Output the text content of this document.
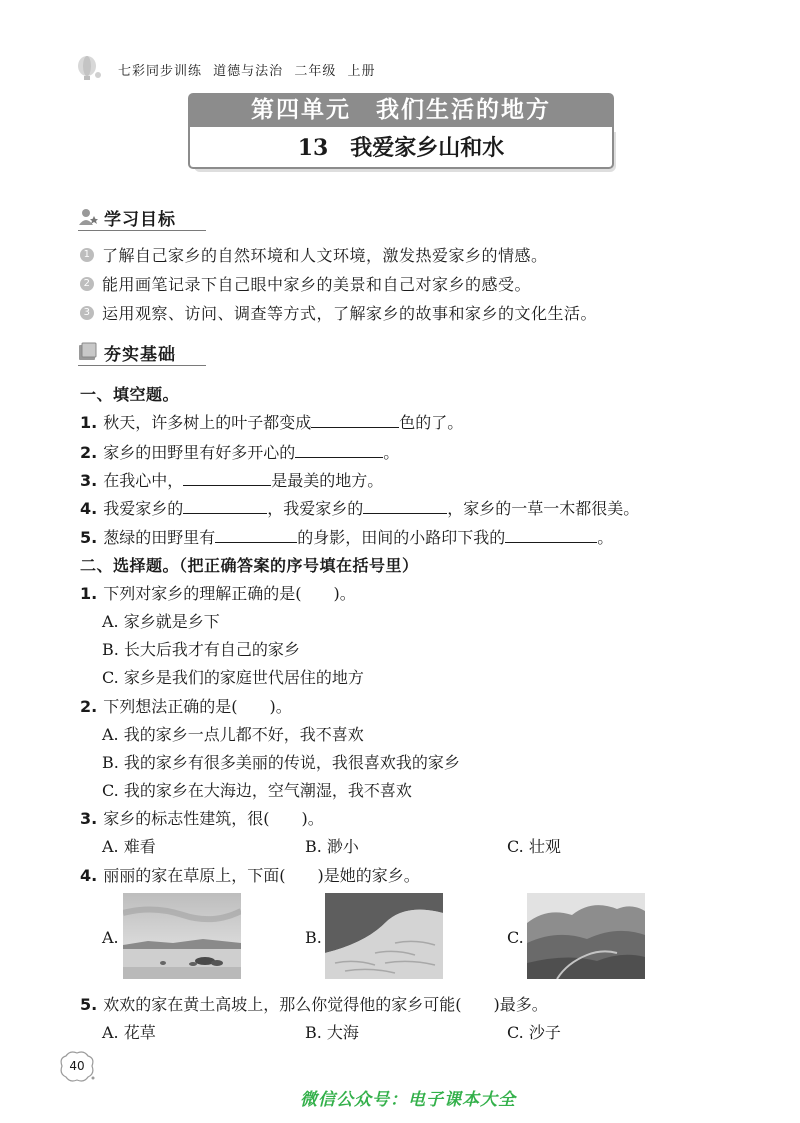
七彩同步训练 道德与法治 二年级 上册
第四单元　我们生活的地方
13　我爱家乡山和水
学习目标
1 了解自己家乡的自然环境和人文环境，激发热爱家乡的情感。
2 能用画笔记录下自己眼中家乡的美景和自己对家乡的感受。
3 运用观察、访问、调查等方式，了解家乡的故事和家乡的文化生活。
夯实基础
一、填空题。
1. 秋天，许多树上的叶子都变成	色的了。
2. 家乡的田野里有好多开心的	。
3. 在我心中，	是最美的地方。
4. 我爱家乡的	，我爱家乡的	，家乡的一草一木都很美。
5. 葱绿的田野里有	的身影，田间的小路印下我的	。
二、选择题。（把正确答案的序号填在括号里）
1. 下列对家乡的理解正确的是(　　)。
A. 家乡就是乡下
B. 长大后我才有自己的家乡
C. 家乡是我们的家庭世代居住的地方
2. 下列想法正确的是(　　)。
A. 我的家乡一点儿都不好，我不喜欢
B. 我的家乡有很多美丽的传说，我很喜欢我的家乡
C. 我的家乡在大海边，空气潮湿，我不喜欢
3. 家乡的标志性建筑，很(　　)。
A. 难看	B. 渺小	C. 壮观
4. 丽丽的家在草原上，下面(　　)是她的家乡。
A.	B.	C.
5. 欢欢的家在黄土高坡上，那么你觉得他的家乡可能(　　)最多。
A. 花草	B. 大海	C. 沙子
40
微信公众号：电子课本大全
